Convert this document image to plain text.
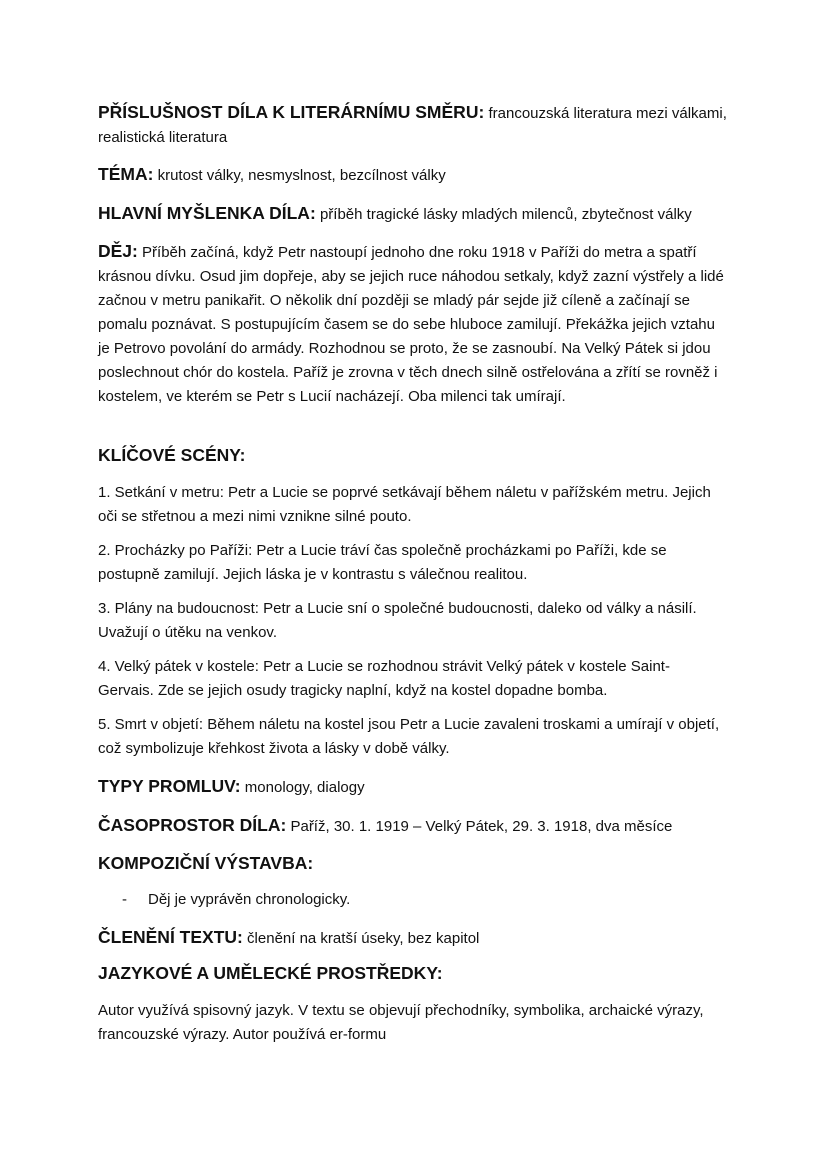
PŘÍSLUŠNOST DÍLA K LITERÁRNÍMU SMĚRU: francouzská literatura mezi válkami, realistická literatura

TÉMA: krutost války, nesmyslnost, bezcílnost války

HLAVNÍ MYŠLENKA DÍLA: příběh tragické lásky mladých milenců, zbytečnost války

DĚJ: Příběh začíná, když Petr nastoupí jednoho dne roku 1918 v Paříži do metra a spatří krásnou dívku. Osud jim dopřeje, aby se jejich ruce náhodou setkaly, když zazní výstřely a lidé začnou v metru panikařit. O několik dní později se mladý pár sejde již cíleně a začínají se pomalu poznávat. S postupujícím časem se do sebe hluboce zamilují. Překážka jejich vztahu je Petrovo povolání do armády. Rozhodnou se proto, že se zasnoubí. Na Velký Pátek si jdou poslechnout chór do kostela. Paříž je zrovna v těch dnech silně ostřelována a zřítí se rovněž i kostelem, ve kterém se Petr s Lucií nacházejí. Oba milenci tak umírají.

KLÍČOVÉ SCÉNY:

1. Setkání v metru: Petr a Lucie se poprvé setkávají během náletu v pařížském metru. Jejich oči se střetnou a mezi nimi vznikne silné pouto.

2. Procházky po Paříži: Petr a Lucie tráví čas společně procházkami po Paříži, kde se postupně zamilují. Jejich láska je v kontrastu s válečnou realitou.

3. Plány na budoucnost: Petr a Lucie sní o společné budoucnosti, daleko od války a násilí. Uvažují o útěku na venkov.

4. Velký pátek v kostele: Petr a Lucie se rozhodnou strávit Velký pátek v kostele Saint-Gervais. Zde se jejich osudy tragicky naplní, když na kostel dopadne bomba.

5. Smrt v objetí: Během náletu na kostel jsou Petr a Lucie zavaleni troskami a umírají v objetí, což symbolizuje křehkost života a lásky v době války.

TYPY PROMLUV: monology, dialogy

ČASOPROSTOR DÍLA: Paříž, 30. 1. 1919 – Velký Pátek, 29. 3. 1918, dva měsíce

KOMPOZIČNÍ VÝSTAVBA:
-	Děj je vyprávěn chronologicky.

ČLENĚNÍ TEXTU: členění na kratší úseky, bez kapitol

JAZYKOVÉ A UMĚLECKÉ PROSTŘEDKY:

Autor využívá spisovný jazyk. V textu se objevují přechodníky, symbolika, archaické výrazy, francouzské výrazy. Autor používá er-formu
